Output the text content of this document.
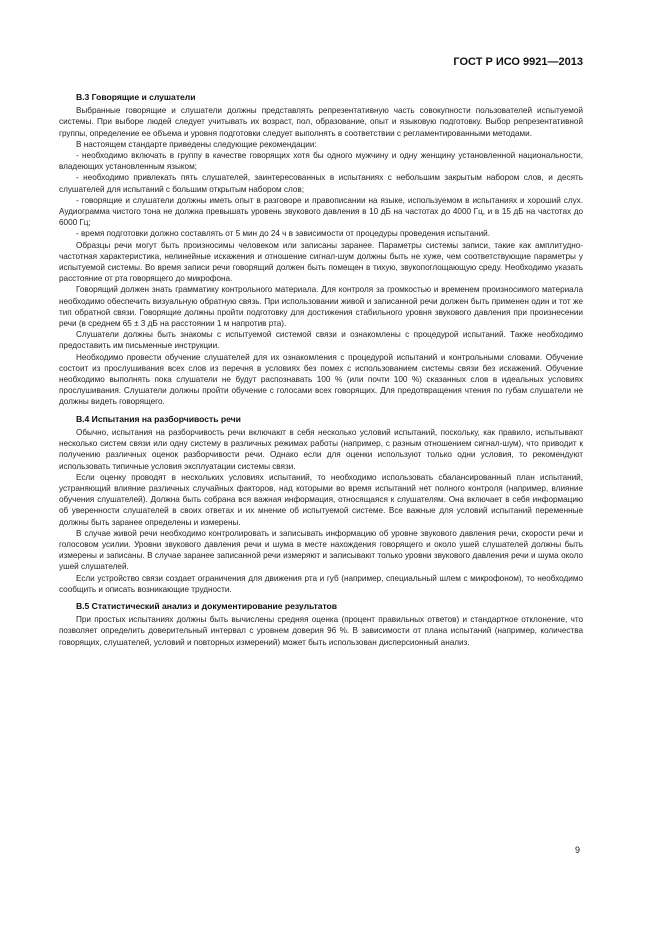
ГОСТ Р ИСО 9921—2013
В.3 Говорящие и слушатели

Выбранные говорящие и слушатели должны представлять репрезентативную часть совокупности пользователей испытуемой системы. При выборе людей следует учитывать их возраст, пол, образование, опыт и языковую подготовку. Выбор репрезентативной группы, определение ее объема и уровня подготовки следует выполнять в соответствии с регламентированными методами.

В настоящем стандарте приведены следующие рекомендации:

- необходимо включать в группу в качестве говорящих хотя бы одного мужчину и одну женщину установленной национальности, владеющих установленным языком;

- необходимо привлекать пять слушателей, заинтересованных в испытаниях с небольшим закрытым набором слов, и десять слушателей для испытаний с большим открытым набором слов;

- говорящие и слушатели должны иметь опыт в разговоре и правописании на языке, используемом в испытаниях и хороший слух. Аудиограмма чистого тона не должна превышать уровень звукового давления в 10 дБ на частотах до 4000 Гц, и в 15 дБ на частотах до 6000 Гц;

- время подготовки должно составлять от 5 мин до 24 ч в зависимости от процедуры проведения испытаний.

Образцы речи могут быть произносимы человеком или записаны заранее. Параметры системы записи, такие как амплитудно-частотная характеристика, нелинейные искажения и отношение сигнал-шум должны быть не хуже, чем соответствующие параметры у испытуемой системы. Во время записи речи говорящий должен быть помещен в тихую, звукопоглощающую среду. Необходимо указать расстояние от рта говорящего до микрофона.

Говорящий должен знать грамматику контрольного материала. Для контроля за громкостью и временем произносимого материала необходимо обеспечить визуальную обратную связь. При использовании живой и записанной речи должен быть применен один и тот же тип обратной связи. Говорящие должны пройти подготовку для достижения стабильного уровня звукового давления при произнесении речи (в среднем 65 ± 3 дБ на расстоянии 1 м напротив рта).

Слушатели должны быть знакомы с испытуемой системой связи и ознакомлены с процедурой испытаний. Также необходимо предоставить им письменные инструкции.

Необходимо провести обучение слушателей для их ознакомления с процедурой испытаний и контрольными словами. Обучение состоит из прослушивания всех слов из перечня в условиях без помех с использованием системы связи без искажений. Обучение необходимо выполнять пока слушатели не будут распознавать 100 % (или почти 100 %) сказанных слов в идеальных условиях прослушивания. Слушатели должны пройти обучение с голосами всех говорящих. Для предотвращения чтения по губам слушатели не должны видеть говорящего.

В.4 Испытания на разборчивость речи

Обычно, испытания на разборчивость речи включают в себя несколько условий испытаний, поскольку, как правило, испытывают несколько систем связи или одну систему в различных режимах работы (например, с разным отношением сигнал-шум), что приводит к получению различных оценок разборчивости речи. Однако если для оценки используют только одни условия, то рекомендуют использовать типичные условия эксплуатации системы связи.

Если оценку проводят в нескольких условиях испытаний, то необходимо использовать сбалансированный план испытаний, устраняющий влияние различных случайных факторов, над которыми во время испытаний нет полного контроля (например, влияние обучения слушателей). Должна быть собрана вся важная информация, относящаяся к слушателям. Она включает в себя информацию об уверенности слушателей в своих ответах и их мнение об испытуемой системе. Все важные для условий испытаний переменные должны быть заранее определены и измерены.

В случае живой речи необходимо контролировать и записывать информацию об уровне звукового давления речи, скорости речи и голосовом усилии. Уровни звукового давления речи и шума в месте нахождения говорящего и около ушей слушателей должны быть измерены и записаны. В случае заранее записанной речи измеряют и записывают только уровни звукового давления речи и шума около ушей слушателей.

Если устройство связи создает ограничения для движения рта и губ (например, специальный шлем с микрофоном), то необходимо сообщить и описать возникающие трудности.

В.5 Статистический анализ и документирование результатов

При простых испытаниях должны быть вычислены средняя оценка (процент правильных ответов) и стандартное отклонение, что позволяет определить доверительный интервал с уровнем доверия 96 %. В зависимости от плана испытаний (например, количества говорящих, слушателей, условий и повторных измерений) может быть использован дисперсионный анализ.

9
